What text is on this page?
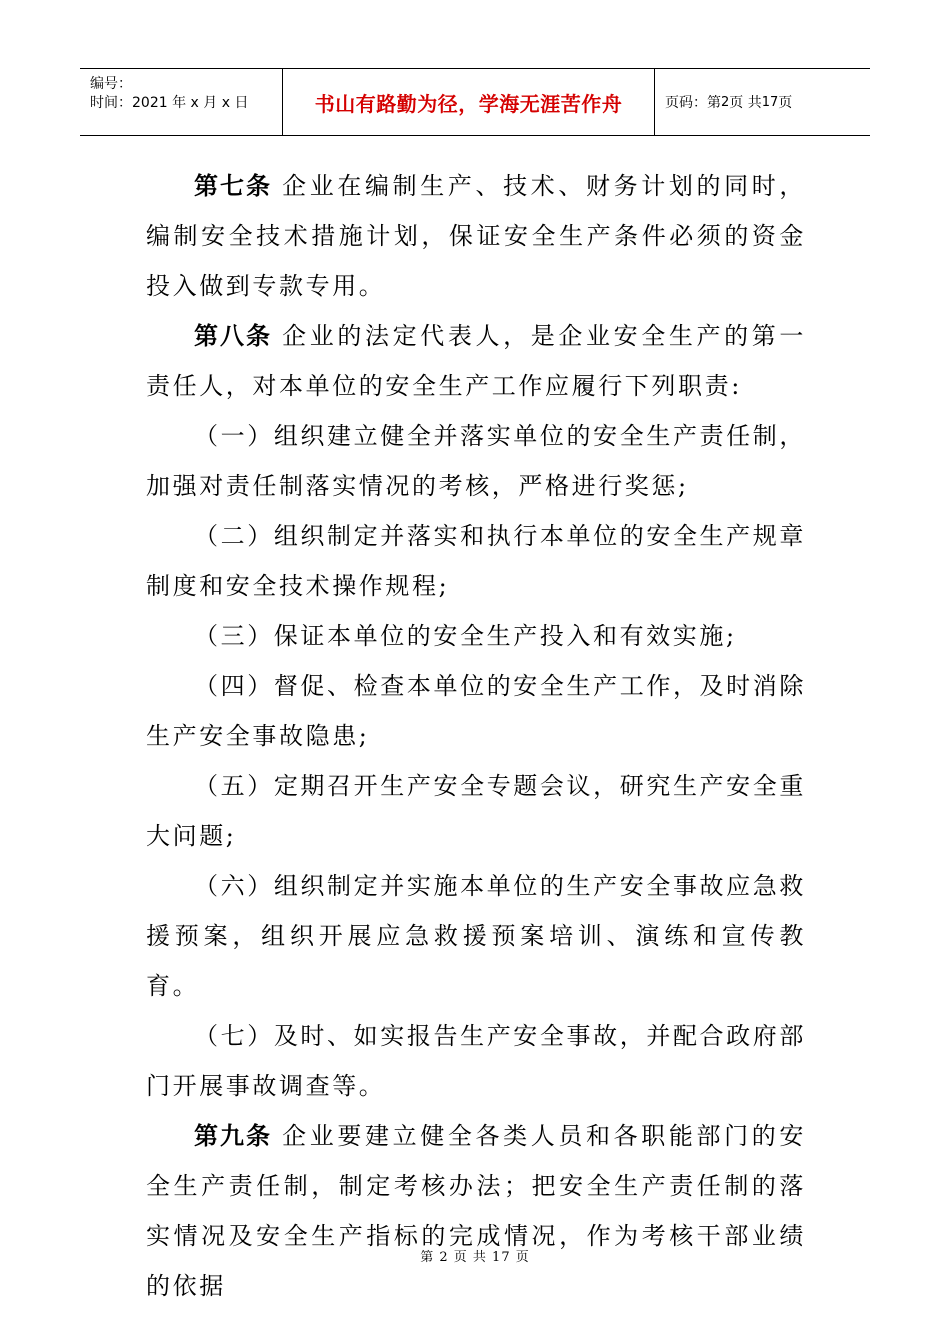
编号：
时间：2021 年 x 月 x 日	书山有路勤为径，学海无涯苦作舟	页码：第 2 页 共 17 页

第七条 企业在编制生产、技术、财务计划的同时，编制安全技术措施计划，保证安全生产条件必须的资金投入做到专款专用。

第八条 企业的法定代表人，是企业安全生产的第一责任人，对本单位的安全生产工作应履行下列职责:

（一）组织建立健全并落实单位的安全生产责任制，加强对责任制落实情况的考核，严格进行奖惩;

（二）组织制定并落实和执行本单位的安全生产规章制度和安全技术操作规程;

（三）保证本单位的安全生产投入和有效实施;

（四）督促、检查本单位的安全生产工作，及时消除生产安全事故隐患;

（五）定期召开生产安全专题会议，研究生产安全重大问题;

（六）组织制定并实施本单位的生产安全事故应急救援预案，组织开展应急救援预案培训、演练和宣传教育。

（七）及时、如实报告生产安全事故，并配合政府部门开展事故调查等。

第九条 企业要建立健全各类人员和各职能部门的安全生产责任制，制定考核办法；把安全生产责任制的落实情况及安全生产指标的完成情况，作为考核干部业绩的依据

第 2 页 共 17 页
